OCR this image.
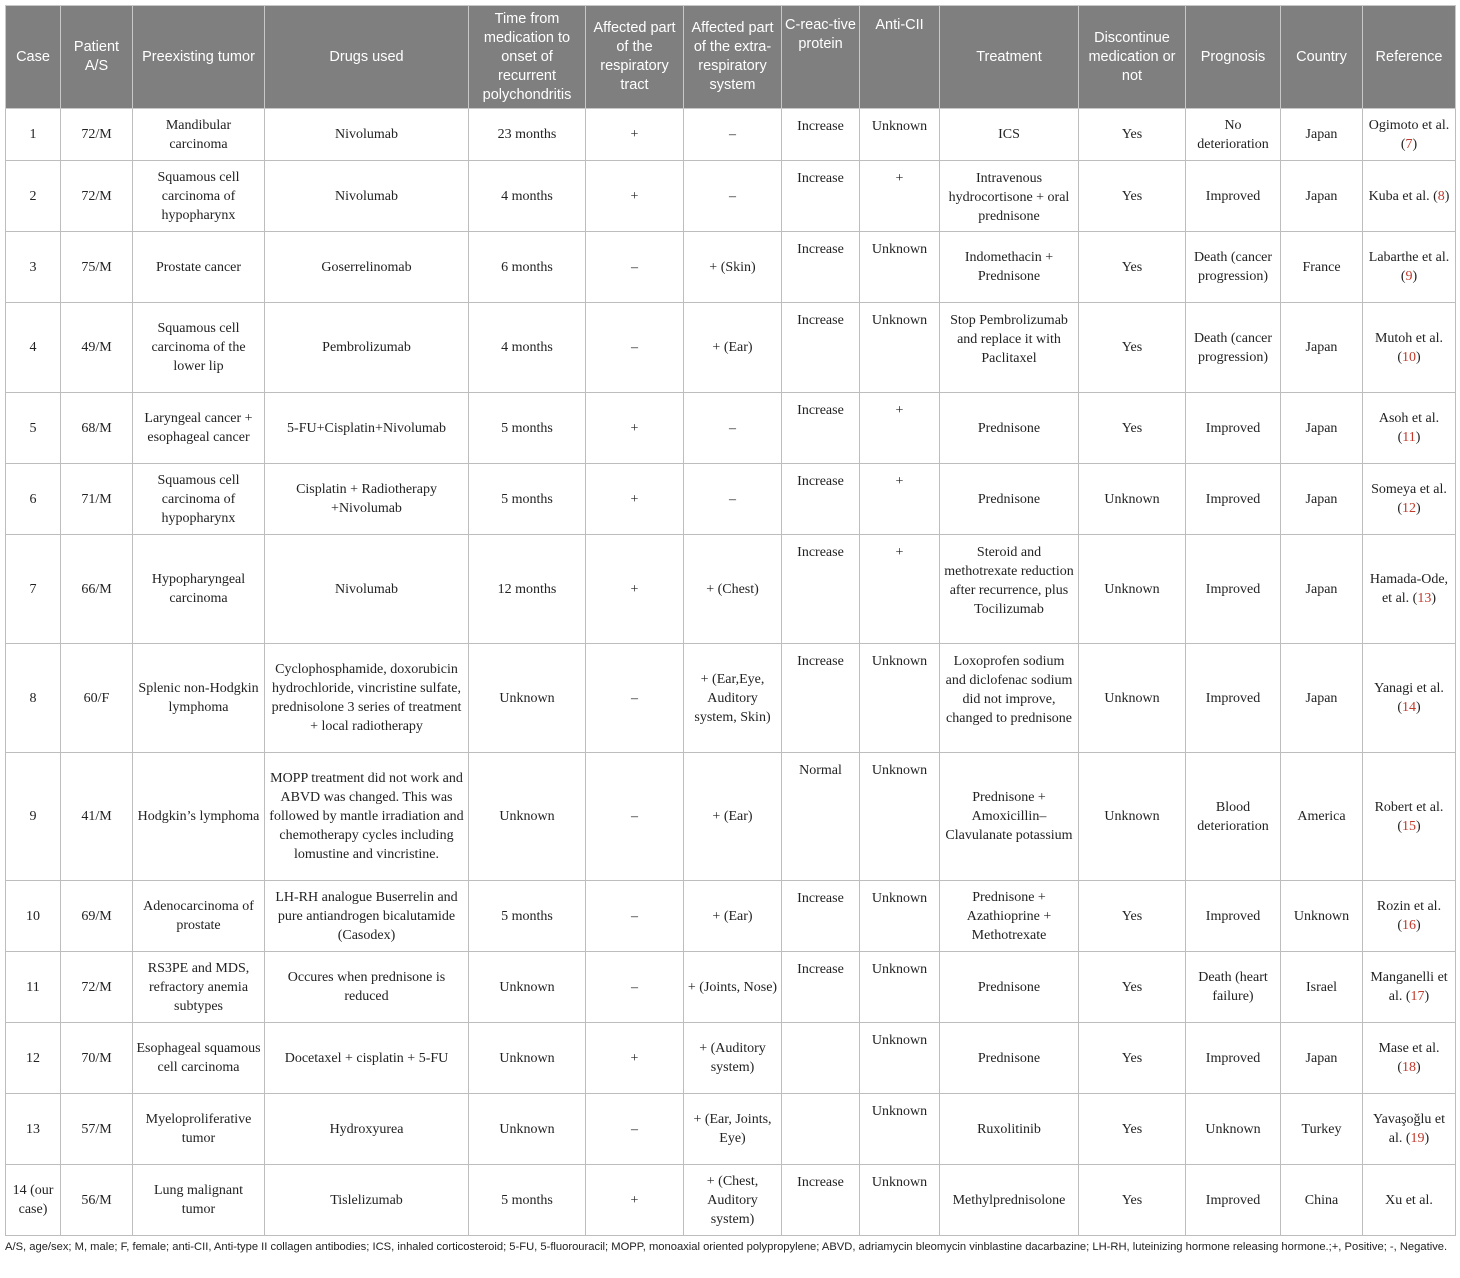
Case	Patient A/S	Preexisting tumor	Drugs used	Time from medication to onset of recurrent polychondritis	Affected part of the respiratory tract	Affected part of the extra-respiratory system	C-reac-tive protein	Anti-CII	Treatment	Discontinue medication or not	Prognosis	Country	Reference
1	72/M	Mandibular carcinoma	Nivolumab	23 months	+	–	Increase	Unknown	ICS	Yes	No deterioration	Japan	Ogimoto et al. (7)
2	72/M	Squamous cell carcinoma of hypopharynx	Nivolumab	4 months	+	–	Increase	+	Intravenous hydrocortisone + oral prednisone	Yes	Improved	Japan	Kuba et al. (8)
3	75/M	Prostate cancer	Goserrelinomab	6 months	–	+ (Skin)	Increase	Unknown	Indomethacin + Prednisone	Yes	Death (cancer progression)	France	Labarthe et al. (9)
4	49/M	Squamous cell carcinoma of the lower lip	Pembrolizumab	4 months	–	+ (Ear)	Increase	Unknown	Stop Pembrolizumab and replace it with Paclitaxel	Yes	Death (cancer progression)	Japan	Mutoh et al. (10)
5	68/M	Laryngeal cancer + esophageal cancer	5-FU+Cisplatin+Nivolumab	5 months	+	–	Increase	+	Prednisone	Yes	Improved	Japan	Asoh et al. (11)
6	71/M	Squamous cell carcinoma of hypopharynx	Cisplatin + Radiotherapy +Nivolumab	5 months	+	–	Increase	+	Prednisone	Unknown	Improved	Japan	Someya et al. (12)
7	66/M	Hypopharyngeal carcinoma	Nivolumab	12 months	+	+ (Chest)	Increase	+	Steroid and methotrexate reduction after recurrence, plus Tocilizumab	Unknown	Improved	Japan	Hamada-Ode, et al. (13)
8	60/F	Splenic non-Hodgkin lymphoma	Cyclophosphamide, doxorubicin hydrochloride, vincristine sulfate, prednisolone 3 series of treatment + local radiotherapy	Unknown	–	+ (Ear,Eye, Auditory system, Skin)	Increase	Unknown	Loxoprofen sodium and diclofenac sodium did not improve, changed to prednisone	Unknown	Improved	Japan	Yanagi et al. (14)
9	41/M	Hodgkin’s lymphoma	MOPP treatment did not work and ABVD was changed. This was followed by mantle irradiation and chemotherapy cycles including lomustine and vincristine.	Unknown	–	+ (Ear)	Normal	Unknown	Prednisone + Amoxicillin–Clavulanate potassium	Unknown	Blood deterioration	America	Robert et al. (15)
10	69/M	Adenocarcinoma of prostate	LH-RH analogue Buserrelin and pure antiandrogen bicalutamide (Casodex)	5 months	–	+ (Ear)	Increase	Unknown	Prednisone + Azathioprine + Methotrexate	Yes	Improved	Unknown	Rozin et al. (16)
11	72/M	RS3PE and MDS, refractory anemia subtypes	Occures when prednisone is reduced	Unknown	–	+ (Joints, Nose)	Increase	Unknown	Prednisone	Yes	Death (heart failure)	Israel	Manganelli et al. (17)
12	70/M	Esophageal squamous cell carcinoma	Docetaxel + cisplatin + 5-FU	Unknown	+	+ (Auditory system)		Unknown	Prednisone	Yes	Improved	Japan	Mase et al. (18)
13	57/M	Myeloproliferative tumor	Hydroxyurea	Unknown	–	+ (Ear, Joints, Eye)		Unknown	Ruxolitinib	Yes	Unknown	Turkey	Yavaşoğlu et al. (19)
14 (our case)	56/M	Lung malignant tumor	Tislelizumab	5 months	+	+ (Chest, Auditory system)	Increase	Unknown	Methylprednisolone	Yes	Improved	China	Xu et al.
A/S, age/sex; M, male; F, female; anti-CII, Anti-type II collagen antibodies; ICS, inhaled corticosteroid; 5-FU, 5-fluorouracil; MOPP, monoaxial oriented polypropylene; ABVD, adriamycin bleomycin vinblastine dacarbazine; LH-RH, luteinizing hormone releasing hormone.;+, Positive; -, Negative.
